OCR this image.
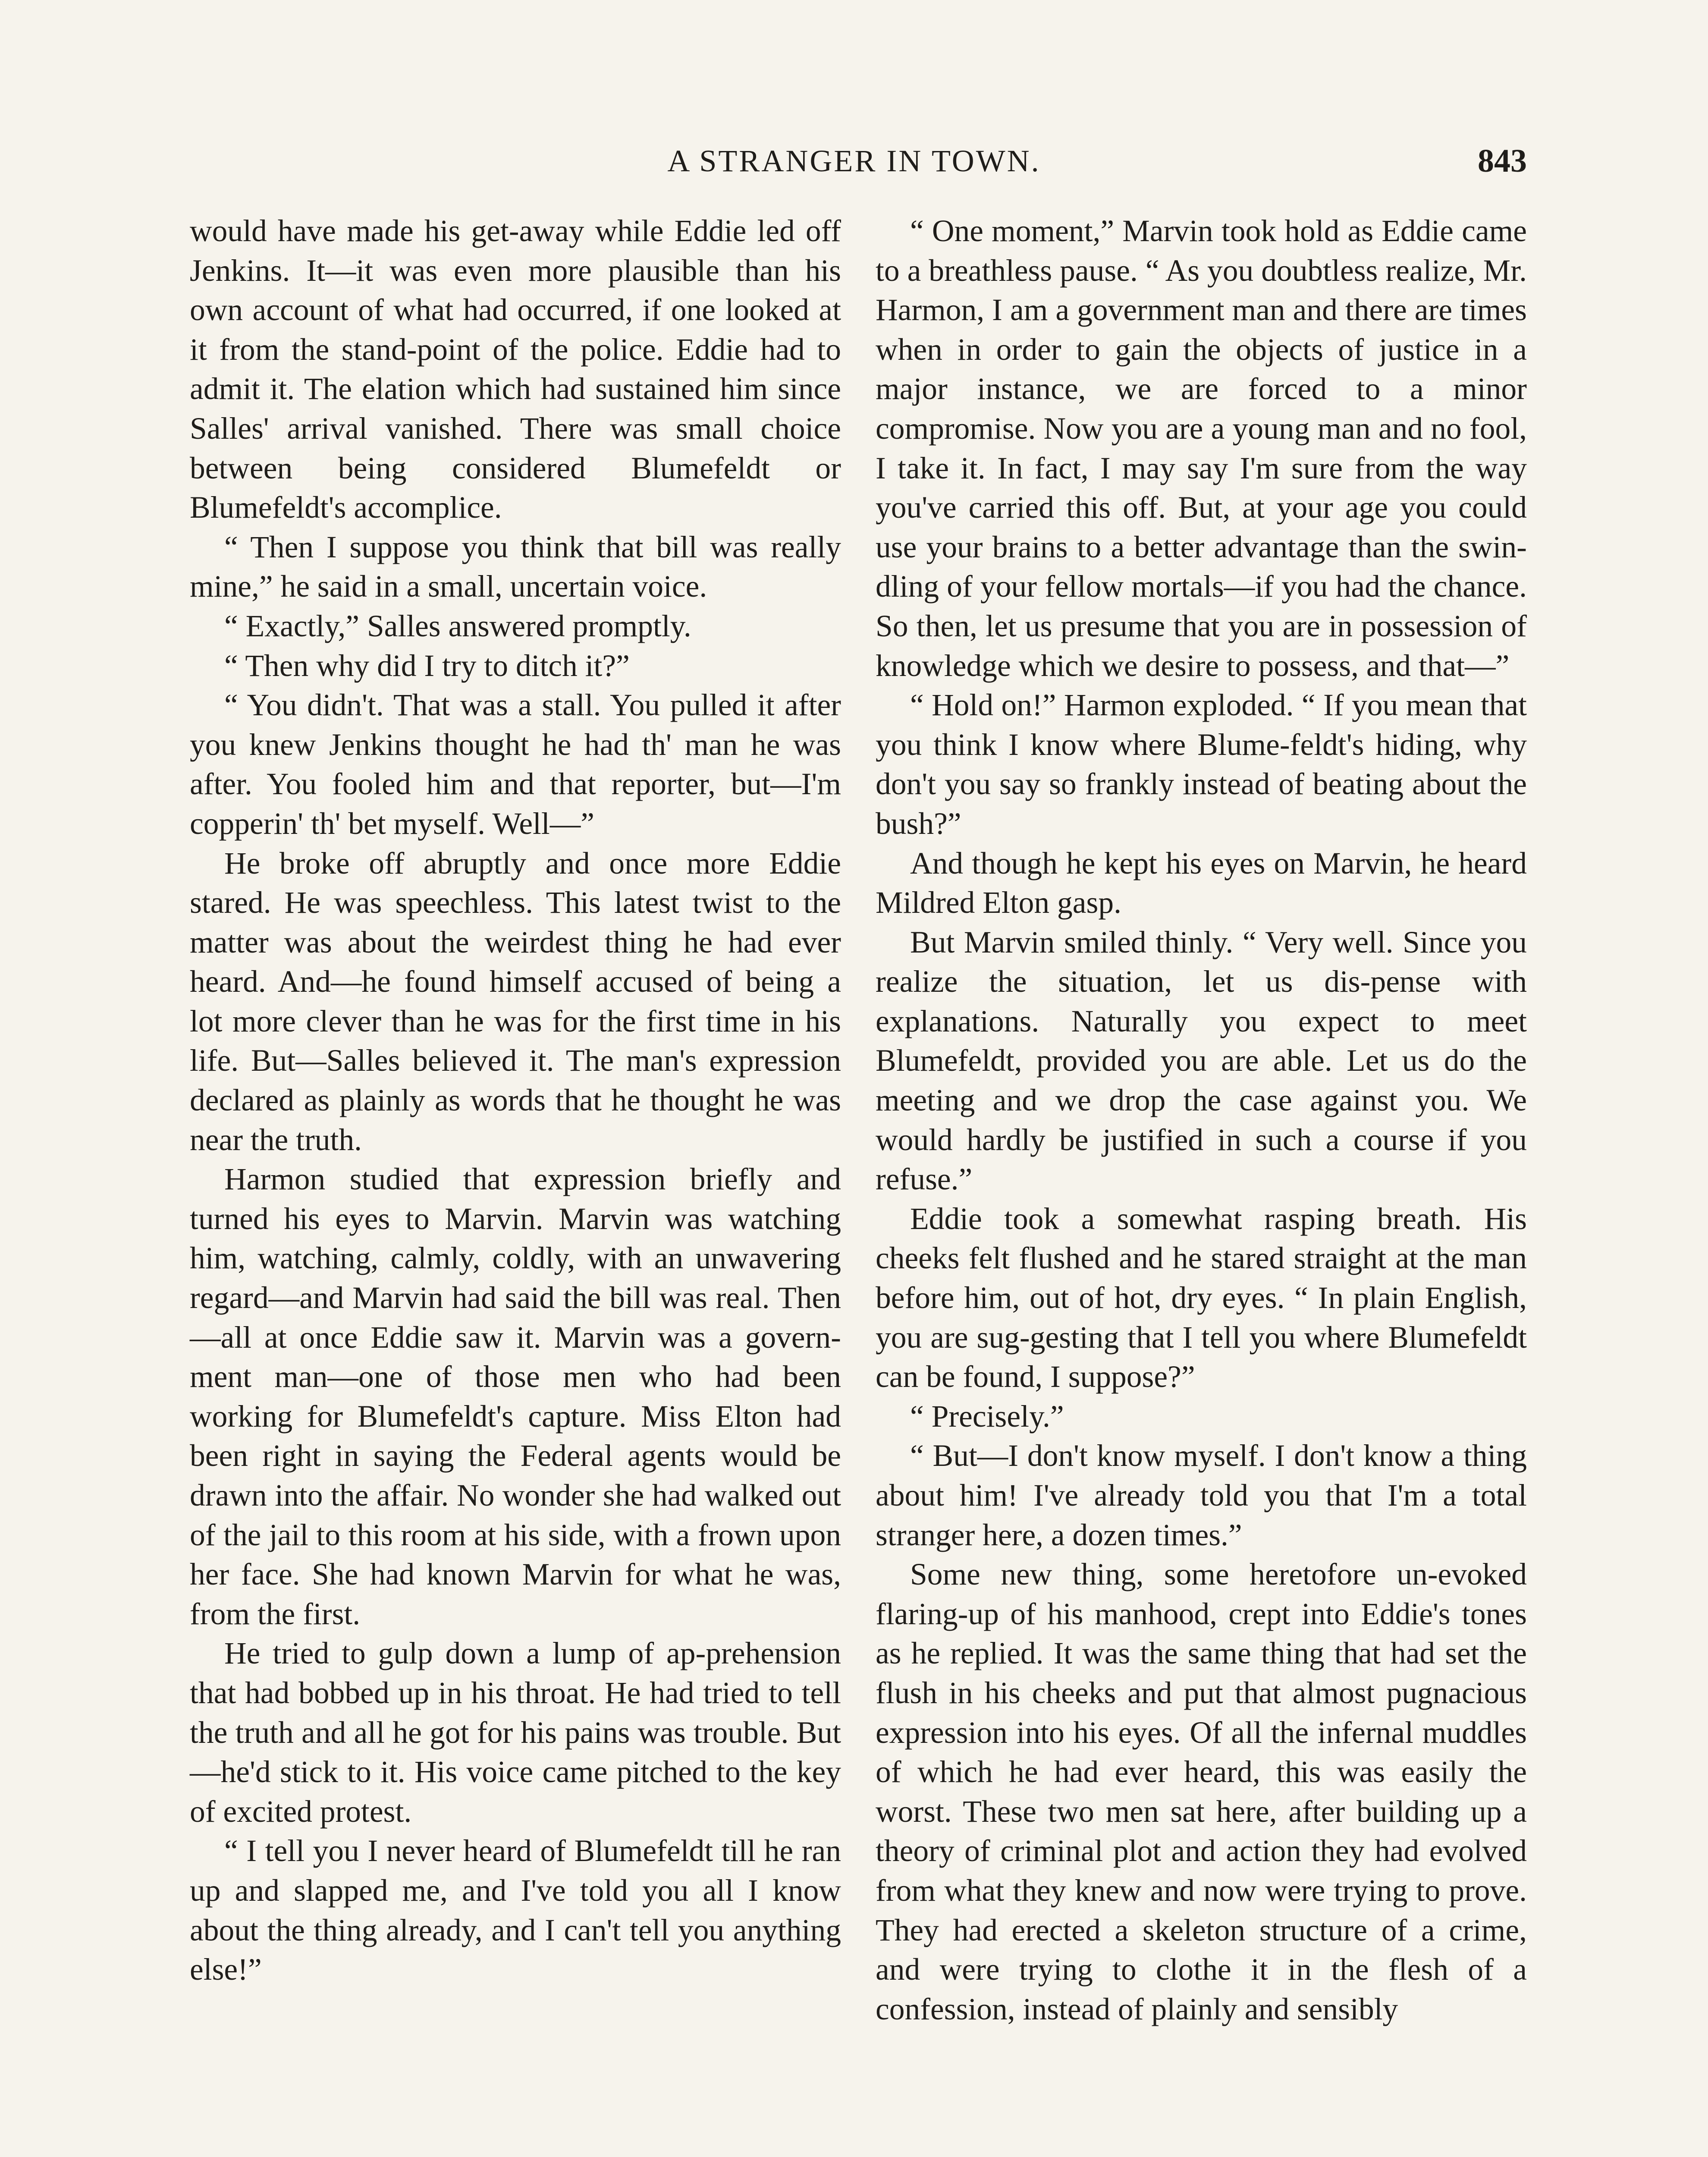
A STRANGER IN TOWN.	843

would have made his get-away while Eddie led off Jenkins. It—it was even more plausible than his own account of what had occurred, if one looked at it from the stand-point of the police. Eddie had to admit it. The elation which had sustained him since Salles' arrival vanished. There was small choice between being considered Blumefeldt or Blumefeldt's accomplice.

“ Then I suppose you think that bill was really mine,” he said in a small, uncertain voice.

“ Exactly,” Salles answered promptly.

“ Then why did I try to ditch it?”

“ You didn't. That was a stall. You pulled it after you knew Jenkins thought he had th' man he was after. You fooled him and that reporter, but—I'm copperin' th' bet myself. Well—”

He broke off abruptly and once more Eddie stared. He was speechless. This latest twist to the matter was about the weirdest thing he had ever heard. And—he found himself accused of being a lot more clever than he was for the first time in his life. But—Salles believed it. The man's expression declared as plainly as words that he thought he was near the truth.

Harmon studied that expression briefly and turned his eyes to Marvin. Marvin was watching him, watching, calmly, coldly, with an unwavering regard—and Marvin had said the bill was real. Then—all at once Eddie saw it. Marvin was a govern-ment man—one of those men who had been working for Blumefeldt's capture. Miss Elton had been right in saying the Federal agents would be drawn into the affair. No wonder she had walked out of the jail to this room at his side, with a frown upon her face. She had known Marvin for what he was, from the first.

He tried to gulp down a lump of ap-prehension that had bobbed up in his throat. He had tried to tell the truth and all he got for his pains was trouble. But—he'd stick to it. His voice came pitched to the key of excited protest.

“ I tell you I never heard of Blumefeldt till he ran up and slapped me, and I've told you all I know about the thing already, and I can't tell you anything else!”

“ One moment,” Marvin took hold as Eddie came to a breathless pause. “ As you doubtless realize, Mr. Harmon, I am a government man and there are times when in order to gain the objects of justice in a major instance, we are forced to a minor compromise. Now you are a young man and no fool, I take it. In fact, I may say I'm sure from the way you've carried this off. But, at your age you could use your brains to a better advantage than the swin-dling of your fellow mortals—if you had the chance. So then, let us presume that you are in possession of knowledge which we desire to possess, and that—”

“ Hold on!” Harmon exploded. “ If you mean that you think I know where Blume-feldt's hiding, why don't you say so frankly instead of beating about the bush?”

And though he kept his eyes on Marvin, he heard Mildred Elton gasp.

But Marvin smiled thinly. “ Very well. Since you realize the situation, let us dis-pense with explanations. Naturally you expect to meet Blumefeldt, provided you are able. Let us do the meeting and we drop the case against you. We would hardly be justified in such a course if you refuse.”

Eddie took a somewhat rasping breath. His cheeks felt flushed and he stared straight at the man before him, out of hot, dry eyes. “ In plain English, you are sug-gesting that I tell you where Blumefeldt can be found, I suppose?”

“ Precisely.”

“ But—I don't know myself. I don't know a thing about him! I've already told you that I'm a total stranger here, a dozen times.”

Some new thing, some heretofore un-evoked flaring-up of his manhood, crept into Eddie's tones as he replied. It was the same thing that had set the flush in his cheeks and put that almost pugnacious expression into his eyes. Of all the infernal muddles of which he had ever heard, this was easily the worst. These two men sat here, after building up a theory of criminal plot and action they had evolved from what they knew and now were trying to prove. They had erected a skeleton structure of a crime, and were trying to clothe it in the flesh of a confession, instead of plainly and sensibly
